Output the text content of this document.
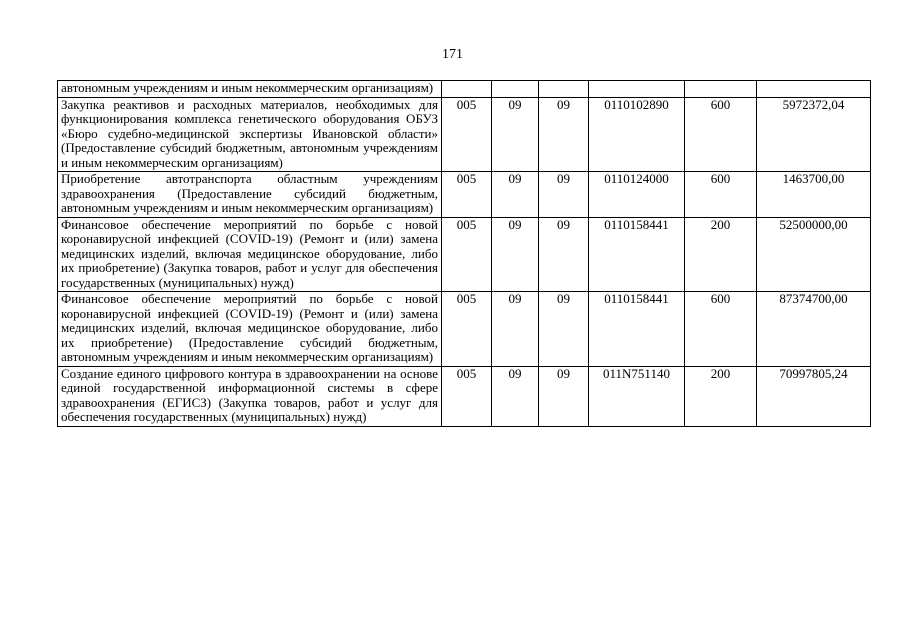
171
автономным учреждениям и иным некоммерческим организациям)						
Закупка реактивов и расходных материалов, необходимых для функционирования комплекса генетического оборудования ОБУЗ «Бюро судебно-медицинской экспертизы Ивановской области» (Предоставление субсидий бюджетным, автономным учреждениям и иным некоммерческим организациям)	005	09	09	0110102890	600	5972372,04
Приобретение автотранспорта областным учреждениям здравоохранения (Предоставление субсидий бюджетным, автономным учреждениям и иным некоммерческим организациям)	005	09	09	0110124000	600	1463700,00
Финансовое обеспечение мероприятий по борьбе с новой коронавирусной инфекцией (COVID-19) (Ремонт и (или) замена медицинских изделий, включая медицинское оборудование, либо их приобретение) (Закупка товаров, работ и услуг для обеспечения государственных (муниципальных) нужд)	005	09	09	0110158441	200	52500000,00
Финансовое обеспечение мероприятий по борьбе с новой коронавирусной инфекцией (COVID-19) (Ремонт и (или) замена медицинских изделий, включая медицинское оборудование, либо их приобретение) (Предоставление субсидий бюджетным, автономным учреждениям и иным некоммерческим организациям)	005	09	09	0110158441	600	87374700,00
Создание единого цифрового контура в здравоохранении на основе единой государственной информационной системы в сфере здравоохранения (ЕГИСЗ) (Закупка товаров, работ и услуг для обеспечения государственных (муниципальных) нужд)	005	09	09	011N751140	200	70997805,24
